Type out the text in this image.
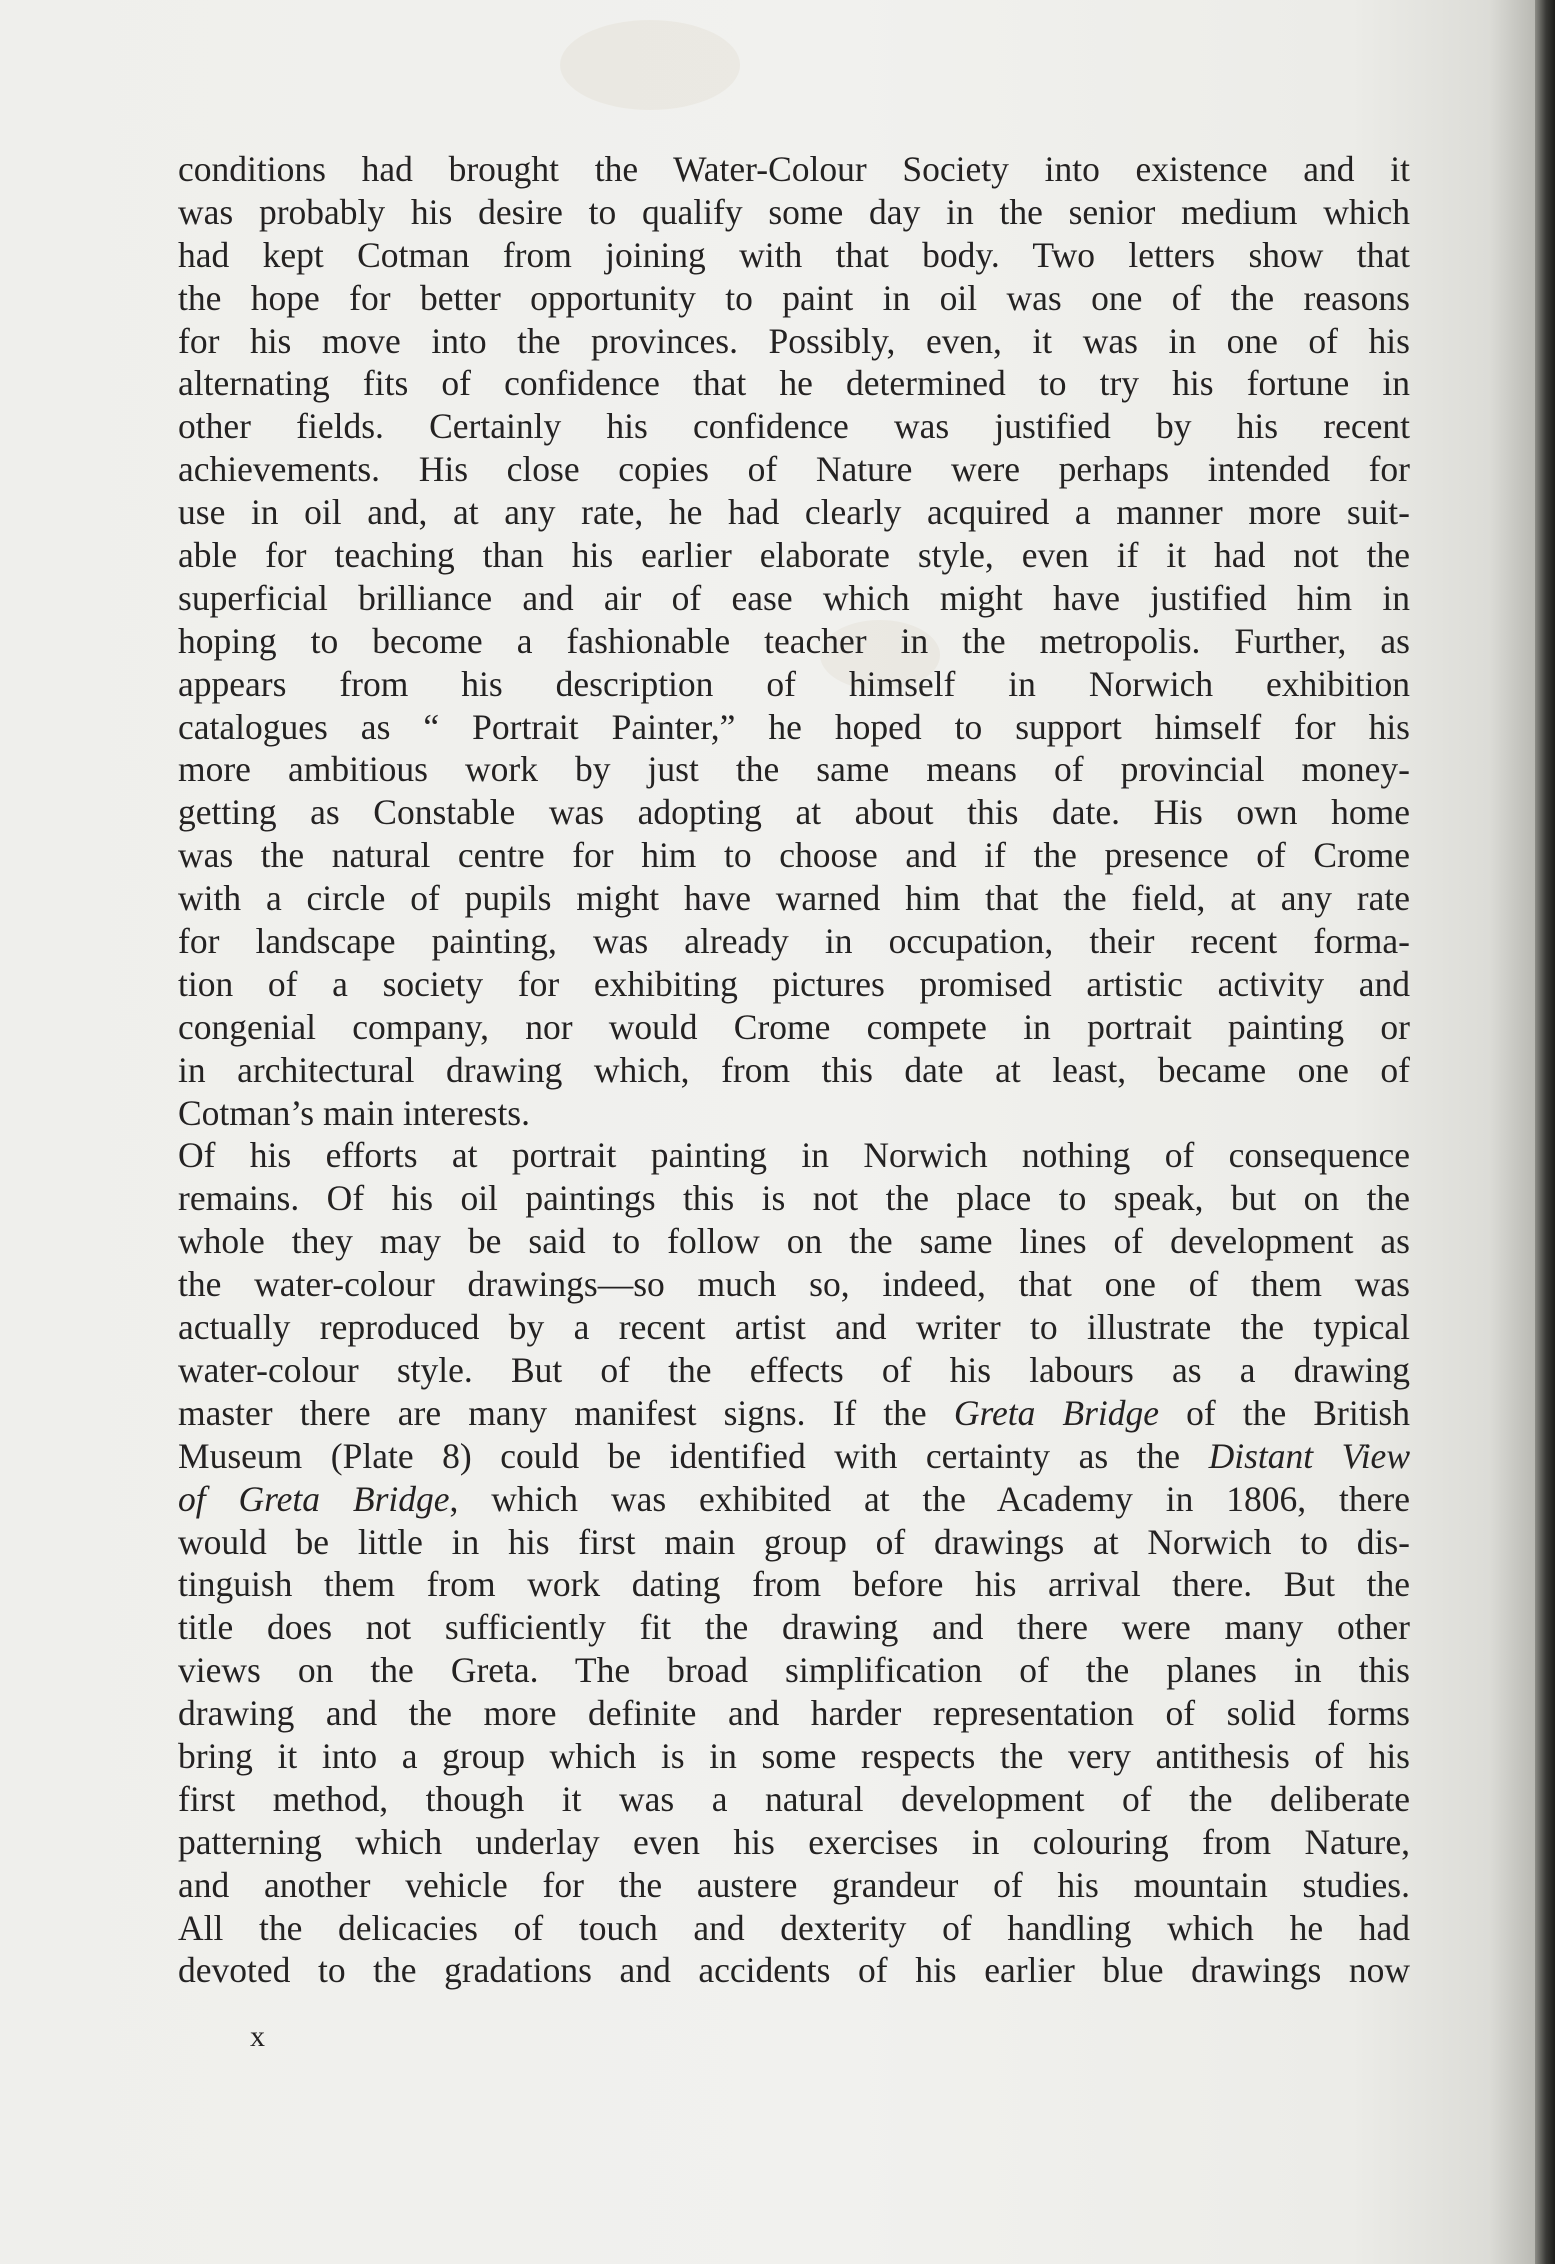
conditions had brought the Water-Colour Society into existence and it
was probably his desire to qualify some day in the senior medium which
had kept Cotman from joining with that body. Two letters show that
the hope for better opportunity to paint in oil was one of the reasons
for his move into the provinces. Possibly, even, it was in one of his
alternating fits of confidence that he determined to try his fortune in
other fields. Certainly his confidence was justified by his recent
achievements. His close copies of Nature were perhaps intended for
use in oil and, at any rate, he had clearly acquired a manner more suit-
able for teaching than his earlier elaborate style, even if it had not the
superficial brilliance and air of ease which might have justified him in
hoping to become a fashionable teacher in the metropolis. Further, as
appears from his description of himself in Norwich exhibition
catalogues as “ Portrait Painter,” he hoped to support himself for his
more ambitious work by just the same means of provincial money-
getting as Constable was adopting at about this date. His own home
was the natural centre for him to choose and if the presence of Crome
with a circle of pupils might have warned him that the field, at any rate
for landscape painting, was already in occupation, their recent forma-
tion of a society for exhibiting pictures promised artistic activity and
congenial company, nor would Crome compete in portrait painting or
in architectural drawing which, from this date at least, became one of
Cotman’s main interests.
Of his efforts at portrait painting in Norwich nothing of consequence
remains. Of his oil paintings this is not the place to speak, but on the
whole they may be said to follow on the same lines of development as
the water-colour drawings—so much so, indeed, that one of them was
actually reproduced by a recent artist and writer to illustrate the typical
water-colour style. But of the effects of his labours as a drawing
master there are many manifest signs. If the Greta Bridge of the British
Museum (Plate 8) could be identified with certainty as the Distant View
of Greta Bridge, which was exhibited at the Academy in 1806, there
would be little in his first main group of drawings at Norwich to dis-
tinguish them from work dating from before his arrival there. But the
title does not sufficiently fit the drawing and there were many other
views on the Greta. The broad simplification of the planes in this
drawing and the more definite and harder representation of solid forms
bring it into a group which is in some respects the very antithesis of his
first method, though it was a natural development of the deliberate
patterning which underlay even his exercises in colouring from Nature,
and another vehicle for the austere grandeur of his mountain studies.
All the delicacies of touch and dexterity of handling which he had
devoted to the gradations and accidents of his earlier blue drawings now
x
